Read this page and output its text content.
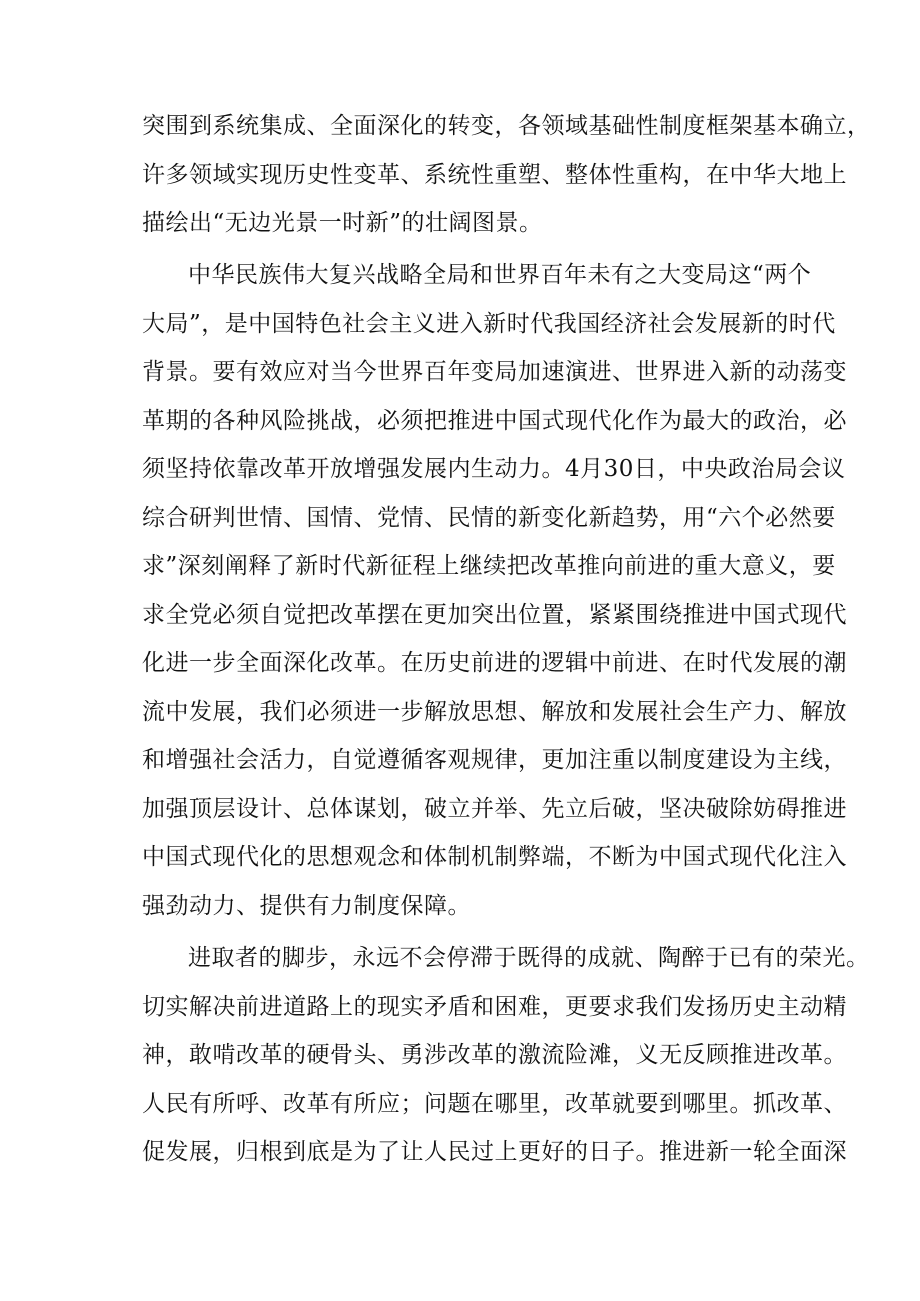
突围到系统集成、全面深化的转变，各领域基础性制度框架基本确立，
许多领域实现历史性变革、系统性重塑、整体性重构，在中华大地上
描绘出“无边光景一时新”的壮阔图景。
中华民族伟大复兴战略全局和世界百年未有之大变局这“两个
大局”，是中国特色社会主义进入新时代我国经济社会发展新的时代
背景。要有效应对当今世界百年变局加速演进、世界进入新的动荡变
革期的各种风险挑战，必须把推进中国式现代化作为最大的政治，必
须坚持依靠改革开放增强发展内生动力。4月30日，中央政治局会议
综合研判世情、国情、党情、民情的新变化新趋势，用“六个必然要
求”深刻阐释了新时代新征程上继续把改革推向前进的重大意义，要
求全党必须自觉把改革摆在更加突出位置，紧紧围绕推进中国式现代
化进一步全面深化改革。在历史前进的逻辑中前进、在时代发展的潮
流中发展，我们必须进一步解放思想、解放和发展社会生产力、解放
和增强社会活力，自觉遵循客观规律，更加注重以制度建设为主线，
加强顶层设计、总体谋划，破立并举、先立后破，坚决破除妨碍推进
中国式现代化的思想观念和体制机制弊端，不断为中国式现代化注入
强劲动力、提供有力制度保障。
进取者的脚步，永远不会停滞于既得的成就、陶醉于已有的荣光。
切实解决前进道路上的现实矛盾和困难，更要求我们发扬历史主动精
神，敢啃改革的硬骨头、勇涉改革的激流险滩，义无反顾推进改革。
人民有所呼、改革有所应；问题在哪里，改革就要到哪里。抓改革、
促发展，归根到底是为了让人民过上更好的日子。推进新一轮全面深
